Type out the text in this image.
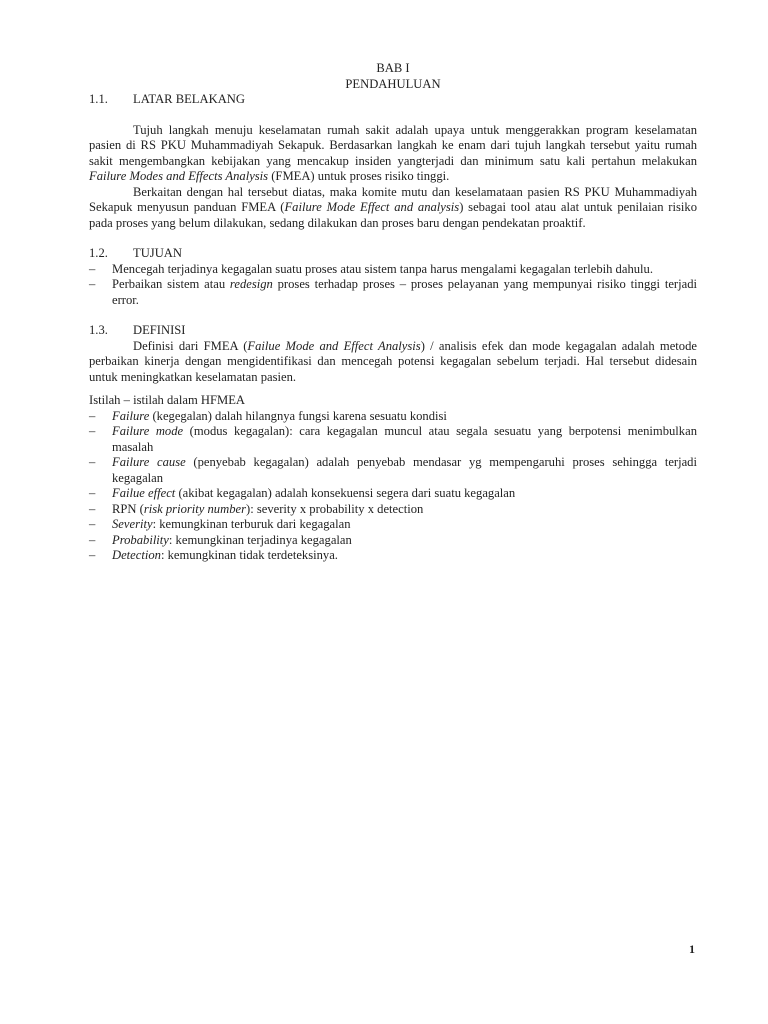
BAB I
PENDAHULUAN
1.1.	LATAR BELAKANG

Tujuh langkah menuju keselamatan rumah sakit adalah upaya untuk menggerakkan program keselamatan pasien di RS PKU Muhammadiyah Sekapuk. Berdasarkan langkah ke enam dari tujuh langkah tersebut yaitu rumah sakit mengembangkan kebijakan yang mencakup insiden yangterjadi dan minimum satu kali pertahun melakukan Failure Modes and Effects Analysis (FMEA) untuk proses risiko tinggi.

Berkaitan dengan hal tersebut diatas, maka komite mutu dan keselamataan pasien RS PKU Muhammadiyah Sekapuk menyusun panduan FMEA (Failure Mode Effect and analysis) sebagai tool atau alat untuk penilaian risiko pada proses yang belum dilakukan, sedang dilakukan dan proses baru dengan pendekatan proaktif.

1.2.	TUJUAN
– Mencegah terjadinya kegagalan suatu proses atau sistem tanpa harus mengalami kegagalan terlebih dahulu.
– Perbaikan sistem atau redesign proses terhadap proses – proses pelayanan yang mempunyai risiko tinggi terjadi error.
1.3.	DEFINISI

Definisi dari FMEA (Failue Mode and Effect Analysis) / analisis efek dan mode kegagalan adalah metode perbaikan kinerja dengan mengidentifikasi dan mencegah potensi kegagalan sebelum terjadi. Hal tersebut didesain untuk meningkatkan keselamatan pasien.

Istilah – istilah dalam HFMEA

– Failure (kegegalan) dalah hilangnya fungsi karena sesuatu kondisi
– Failure mode (modus kegagalan): cara kegagalan muncul atau segala sesuatu yang berpotensi menimbulkan masalah
– Failure cause (penyebab kegagalan) adalah penyebab mendasar yg mempengaruhi proses sehingga terjadi kegagalan
– Failue effect (akibat kegagalan) adalah konsekuensi segera dari suatu kegagalan
– RPN (risk priority number): severity x probability x detection
– Severity: kemungkinan terburuk dari kegagalan
– Probability: kemungkinan terjadinya kegagalan
– Detection: kemungkinan tidak terdeteksinya.
1
